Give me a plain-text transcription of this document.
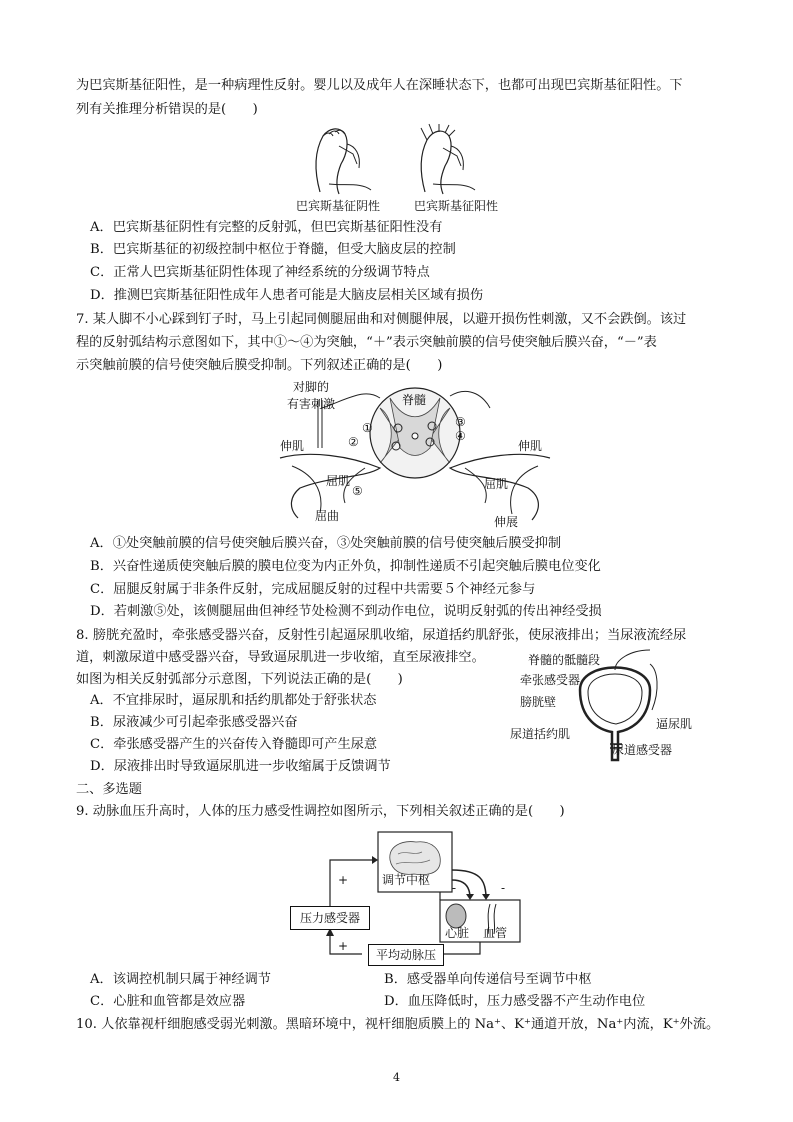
为巴宾斯基征阳性，是一种病理性反射。婴儿以及成年人在深睡状态下，也都可出现巴宾斯基征阳性。下
列有关推理分析错误的是(　　)
巴宾斯基征阴性	巴宾斯基征阳性
A．巴宾斯基征阴性有完整的反射弧，但巴宾斯基征阳性没有
B．巴宾斯基征的初级控制中枢位于脊髓，但受大脑皮层的控制
C．正常人巴宾斯基征阴性体现了神经系统的分级调节特点
D．推测巴宾斯基征阳性成年人患者可能是大脑皮层相关区域有损伤
7. 某人脚不小心踩到钉子时，马上引起同侧腿屈曲和对侧腿伸展，以避开损伤性刺激，又不会跌倒。该过
程的反射弧结构示意图如下，其中①～④为突触，“＋”表示突触前膜的信号使突触后膜兴奋，“－”表
示突触前膜的信号使突触后膜受抑制。下列叙述正确的是(　　)
对脚的
有害刺激	脊髓
①
②
③
④
⑤
伸肌	伸肌
屈肌	屈肌
屈曲	伸展
A．①处突触前膜的信号使突触后膜兴奋，③处突触前膜的信号使突触后膜受抑制
B．兴奋性递质使突触后膜的膜电位变为内正外负，抑制性递质不引起突触后膜电位变化
C．屈腿反射属于非条件反射，完成屈腿反射的过程中共需要５个神经元参与
D．若刺激⑤处，该侧腿屈曲但神经节处检测不到动作电位，说明反射弧的传出神经受损
8. 膀胱充盈时，牵张感受器兴奋，反射性引起逼尿肌收缩，尿道括约肌舒张，使尿液排出；当尿液流经尿
道，刺激尿道中感受器兴奋，导致逼尿肌进一步收缩，直至尿液排空。
如图为相关反射弧部分示意图，下列说法正确的是(　　)
A．不宜排尿时，逼尿肌和括约肌都处于舒张状态
B．尿液减少可引起牵张感受器兴奋
C．牵张感受器产生的兴奋传入脊髓即可产生尿意
D．尿液排出时导致逼尿肌进一步收缩属于反馈调节
脊髓的骶髓段
牵张感受器
膀胱壁
逼尿肌
尿道括约肌
尿道感受器
二、多选题
9. 动脉血压升高时，人体的压力感受性调控如图所示，下列相关叙述正确的是(　　)
调节中枢
心脏 血管
压力感受器
平均动脉压
+
+
-	-
A．该调控机制只属于神经调节	B．感受器单向传递信号至调节中枢
C．心脏和血管都是效应器	D．血压降低时，压力感受器不产生动作电位
10. 人依靠视杆细胞感受弱光刺激。黑暗环境中，视杆细胞质膜上的 Na⁺、K⁺通道开放，Na⁺内流，K⁺外流。
4
